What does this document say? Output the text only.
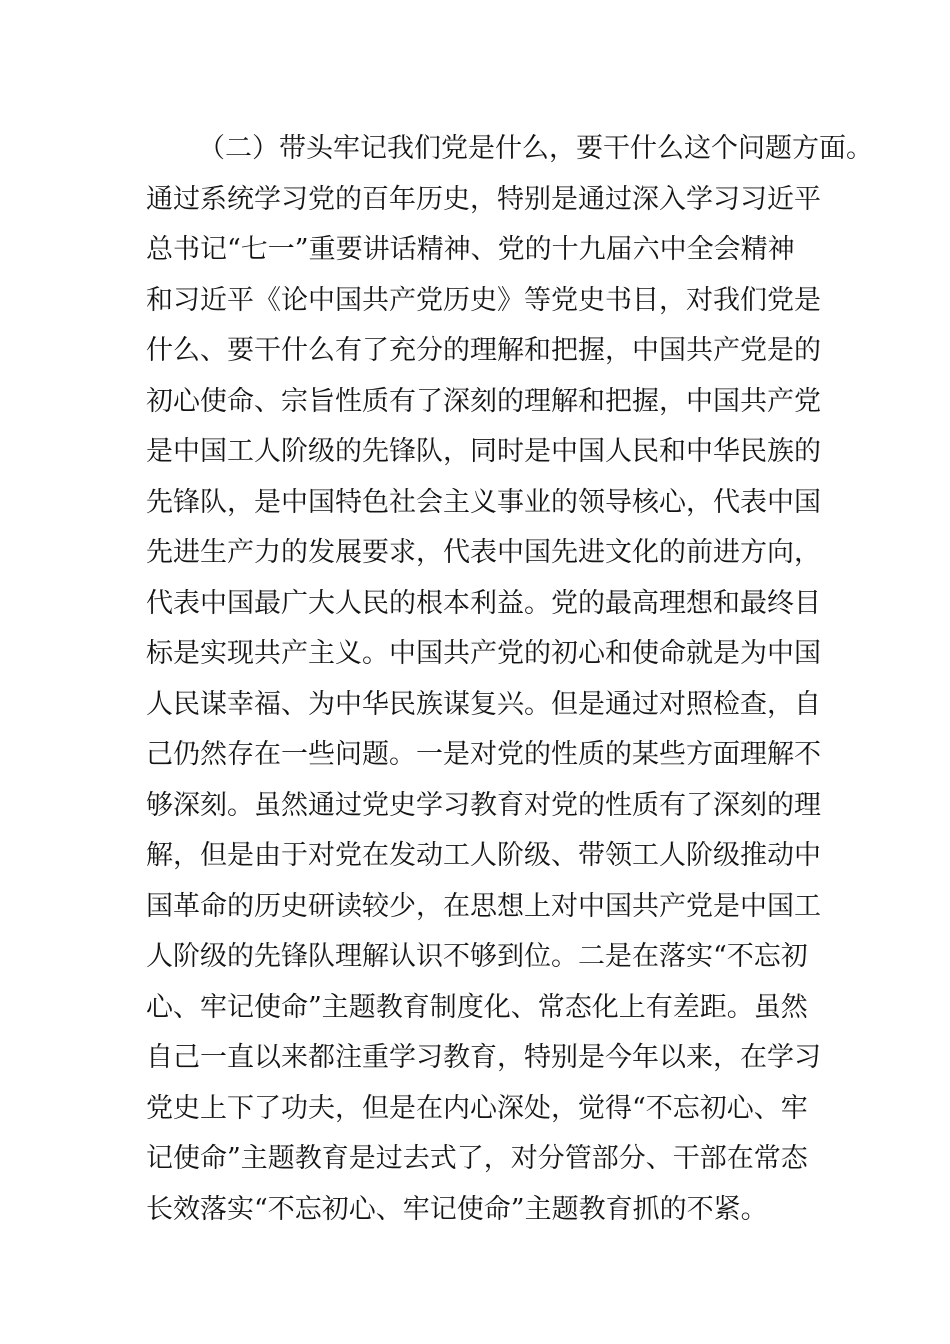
（二）带头牢记我们党是什么，要干什么这个问题方面。
通过系统学习党的百年历史，特别是通过深入学习习近平
总书记“七一”重要讲话精神、党的十九届六中全会精神
和习近平《论中国共产党历史》等党史书目，对我们党是
什么、要干什么有了充分的理解和把握，中国共产党是的
初心使命、宗旨性质有了深刻的理解和把握，中国共产党
是中国工人阶级的先锋队，同时是中国人民和中华民族的
先锋队，是中国特色社会主义事业的领导核心，代表中国
先进生产力的发展要求，代表中国先进文化的前进方向，
代表中国最广大人民的根本利益。党的最高理想和最终目
标是实现共产主义。中国共产党的初心和使命就是为中国
人民谋幸福、为中华民族谋复兴。但是通过对照检查，自
己仍然存在一些问题。一是对党的性质的某些方面理解不
够深刻。虽然通过党史学习教育对党的性质有了深刻的理
解，但是由于对党在发动工人阶级、带领工人阶级推动中
国革命的历史研读较少，在思想上对中国共产党是中国工
人阶级的先锋队理解认识不够到位。二是在落实“不忘初
心、牢记使命”主题教育制度化、常态化上有差距。虽然
自己一直以来都注重学习教育，特别是今年以来，在学习
党史上下了功夫，但是在内心深处，觉得“不忘初心、牢
记使命”主题教育是过去式了，对分管部分、干部在常态
长效落实“不忘初心、牢记使命”主题教育抓的不紧。
